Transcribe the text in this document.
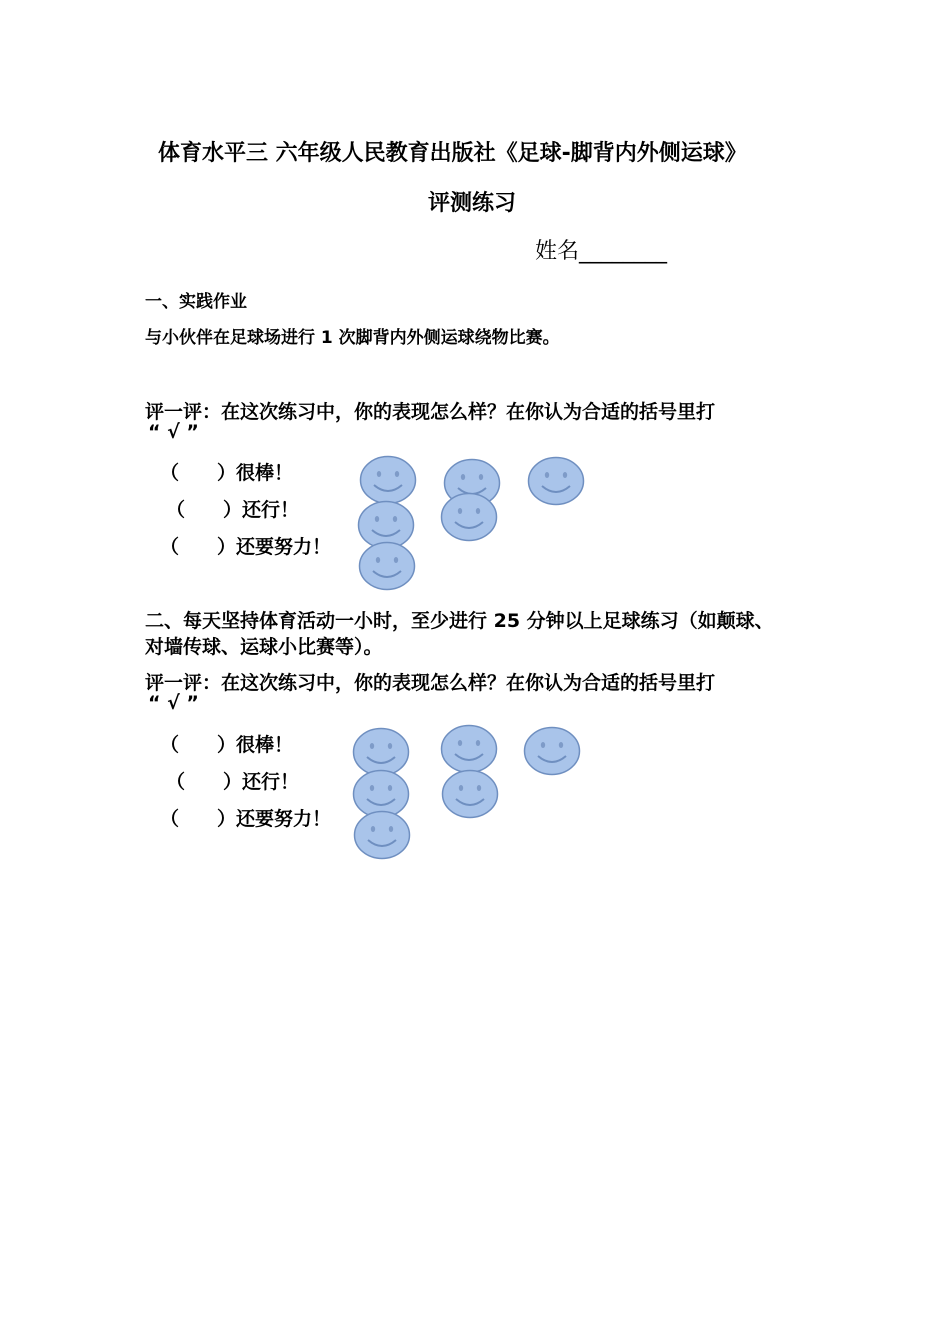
体育水平三 六年级人民教育出版社《足球-脚背内外侧运球》
评测练习
姓名________
一、实践作业
与小伙伴在足球场进行 1 次脚背内外侧运球绕物比赛。
评一评：在这次练习中，你的表现怎么样？在你认为合适的括号里打
“ √ ”
（　　）很棒！
（　　）还行！
（　　）还要努力！
二、每天坚持体育活动一小时，至少进行 25 分钟以上足球练习（如颠球、
对墙传球、运球小比赛等）。
评一评：在这次练习中，你的表现怎么样？在你认为合适的括号里打
“ √ ”
（　　）很棒！
（　　）还行！
（　　）还要努力！
